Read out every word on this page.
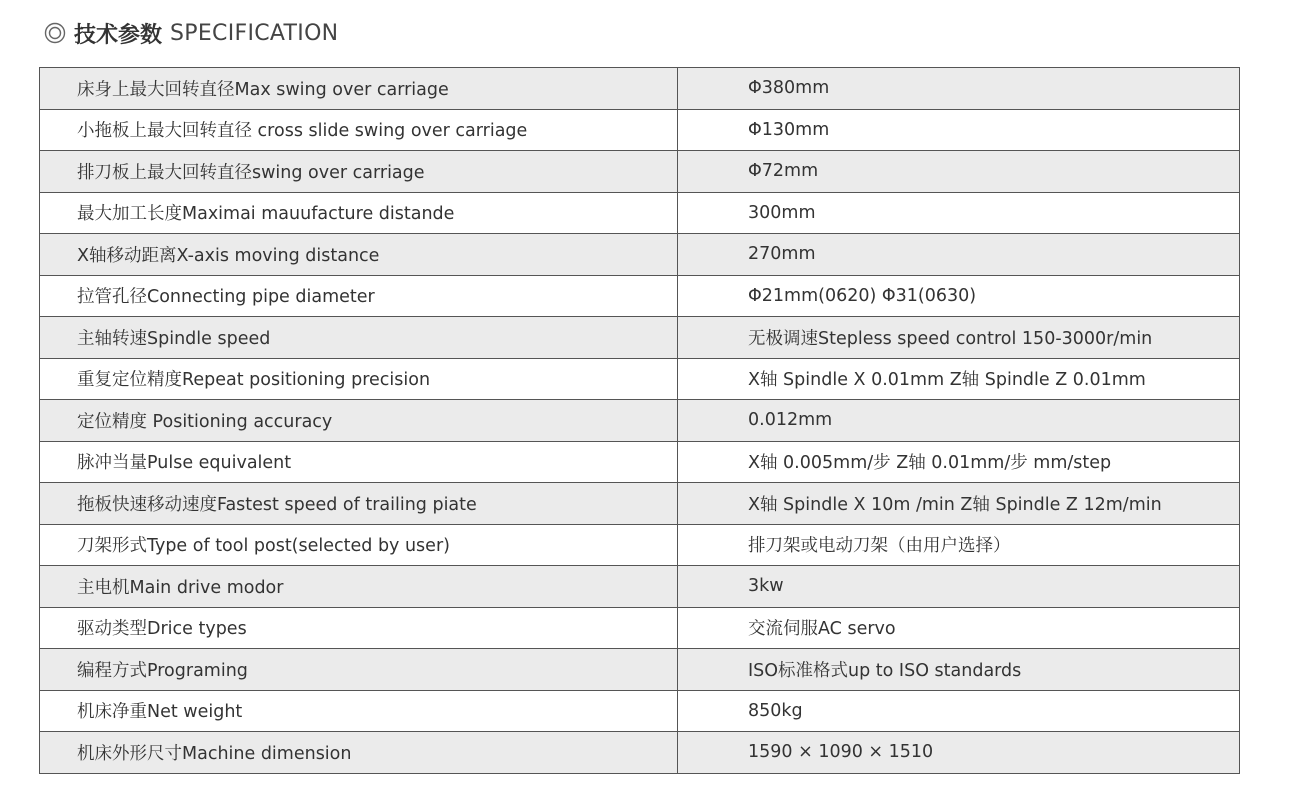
技术参数 SPECIFICATION
床身上最大回转直径Max swing over carriage	Φ380mm
小拖板上最大回转直径 cross slide swing over carriage	Φ130mm
排刀板上最大回转直径swing over carriage	Φ72mm
最大加工长度Maximai mauufacture distande	300mm
X轴移动距离X-axis moving distance	270mm
拉管孔径Connecting pipe diameter	Φ21mm(0620) Φ31(0630)
主轴转速Spindle speed	无极调速Stepless speed control 150-3000r/min
重复定位精度Repeat positioning precision	X轴 Spindle X 0.01mm Z轴 Spindle Z 0.01mm
定位精度 Positioning accuracy	0.012mm
脉冲当量Pulse equivalent	X轴 0.005mm/步 Z轴 0.01mm/步 mm/step
拖板快速移动速度Fastest speed of trailing piate	X轴 Spindle X 10m /min Z轴 Spindle Z 12m/min
刀架形式Type of tool post(selected by user)	排刀架或电动刀架（由用户选择）
主电机Main drive modor	3kw
驱动类型Drice types	交流伺服AC servo
编程方式Programing	ISO标准格式up to ISO standards
机床净重Net weight	850kg
机床外形尺寸Machine dimension	1590 × 1090 × 1510
